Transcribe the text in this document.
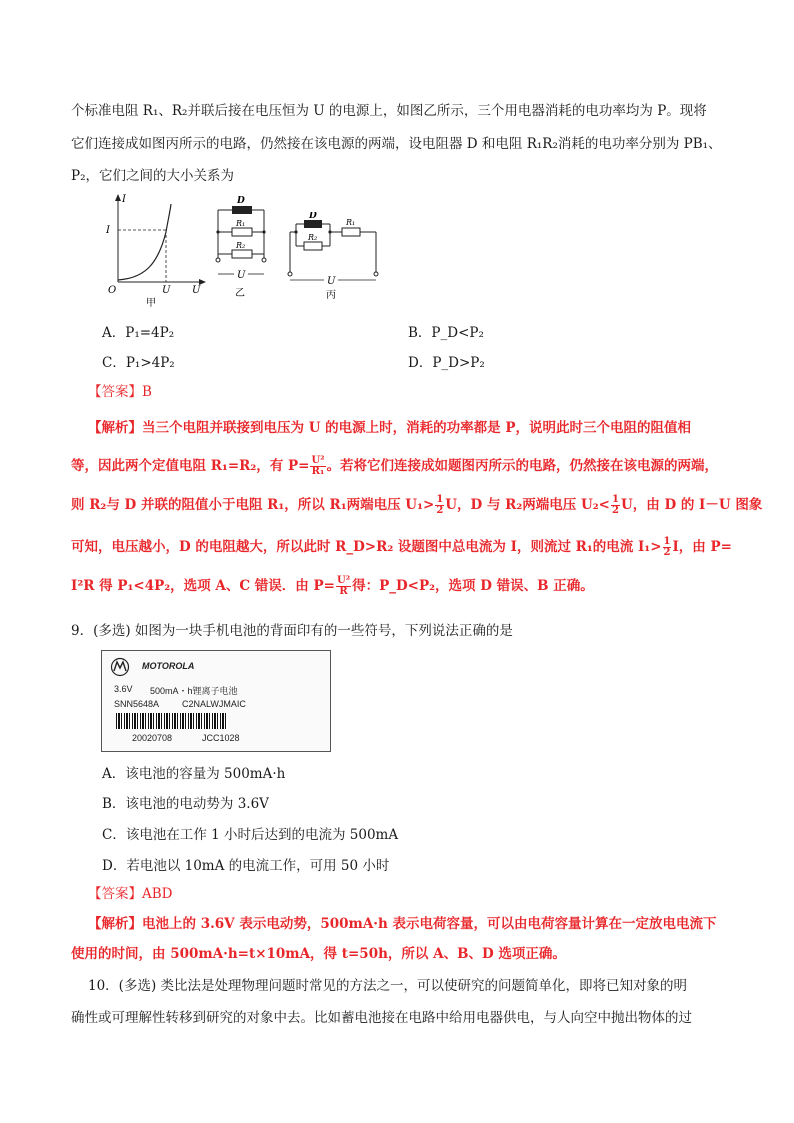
个标准电阻 R₁、R₂并联后接在电压恒为 U 的电源上，如图乙所示，三个用电器消耗的电功率均为 P。现将
它们连接成如图丙所示的电路，仍然接在该电源的两端，设电阻器 D 和电阻 R₁R₂消耗的电功率分别为 PB₁、
P₂，它们之间的大小关系为
I
I
O	U U
甲
D
R₁
R₂
U
乙
D
R₂
R₁
U
丙
A．P₁=4P₂	B．P_D<P₂
C．P₁>4P₂	D．P_D>P₂
【答案】B
【解析】当三个电阻并联接到电压为 U 的电源上时，消耗的功率都是 P，说明此时三个电阻的阻值相
等，因此两个定值电阻 R₁=R₂，有 $P= \frac{\text{U²}}{\text{R₁}}$ 。若将它们连接成如题图丙所示的电路，仍然接在该电源的两端，
则 R₂与 D 并联的阻值小于电阻 R₁，所以 R₁两端电压 $U_1> \frac{1}{2}$ U，D 与 R₂两端电压 $U_2< \frac{1}{2}$ U，由 D 的 I－U 图象
可知，电压越小，D 的电阻越大，所以此时 R_D>R₂ 设题图中总电流为 I，则流过 R₁的电流 $I_1> \frac{1}{2}$ I，由 P=
I²R 得 P₁<4P₂，选项 A、C 错误．由 $P= \frac{\text{U²}}{R}$ 得：P_D<P₂，选项 D 错误、B 正确。
9．(多选) 如图为一块手机电池的背面印有的一些符号，下列说法正确的是
MOTOROLA
3.6V 500mA・h锂离子电池
SNN5648A	C2NALWJMAIC
20020708	JCC1028
A．该电池的容量为 500mA·h
B．该电池的电动势为 3.6V
C．该电池在工作 1 小时后达到的电流为 500mA
D．若电池以 10mA 的电流工作，可用 50 小时
【答案】ABD
【解析】电池上的 3.6V 表示电动势，500mA·h 表示电荷容量，可以由电荷容量计算在一定放电电流下
使用的时间，由 500mA·h=t×10mA，得 t=50h，所以 A、B、D 选项正确。
10．(多选) 类比法是处理物理问题时常见的方法之一，可以使研究的问题简单化，即将已知对象的明
确性或可理解性转移到研究的对象中去。比如蓄电池接在电路中给用电器供电，与人向空中抛出物体的过
